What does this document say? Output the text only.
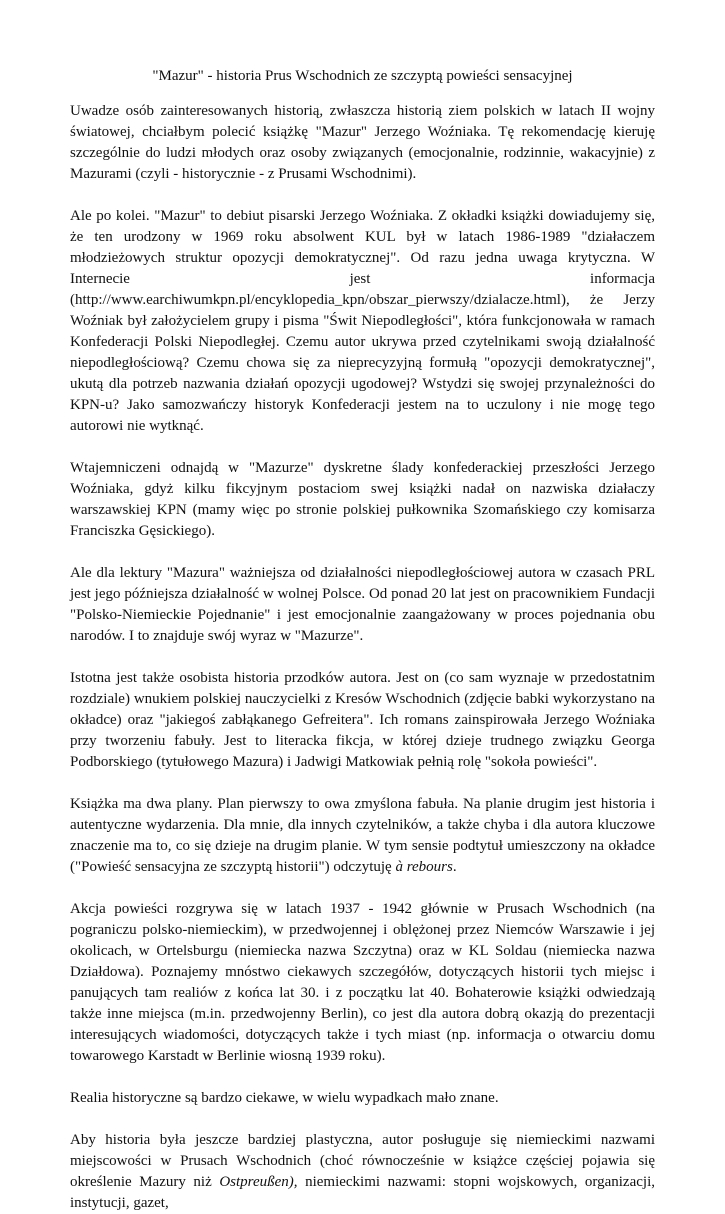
"Mazur" - historia Prus Wschodnich ze szczyptą powieści sensacyjnej

Uwadze osób zainteresowanych historią, zwłaszcza historią ziem polskich w latach II wojny światowej, chciałbym polecić książkę "Mazur" Jerzego Woźniaka. Tę rekomendację kieruję szczególnie do ludzi młodych oraz osoby związanych (emocjonalnie, rodzinnie, wakacyjnie) z Mazurami (czyli - historycznie - z Prusami Wschodnimi).

Ale po kolei. "Mazur" to debiut pisarski Jerzego Woźniaka. Z okładki książki dowiadujemy się, że ten urodzony w 1969 roku absolwent KUL był w latach 1986-1989 "działaczem młodzieżowych struktur opozycji demokratycznej". Od razu jedna uwaga krytyczna. W Internecie jest informacja (http://www.earchiwumkpn.pl/encyklopedia_kpn/obszar_pierwszy/dzialacze.html), że Jerzy Woźniak był założycielem grupy i pisma "Świt Niepodległości", która funkcjonowała w ramach Konfederacji Polski Niepodległej. Czemu autor ukrywa przed czytelnikami swoją działalność niepodległościową? Czemu chowa się za nieprecyzyjną formułą "opozycji demokratycznej", ukutą dla potrzeb nazwania działań opozycji ugodowej? Wstydzi się swojej przynależności do KPN-u? Jako samozwańczy historyk Konfederacji jestem na to uczulony i nie mogę tego autorowi nie wytknąć.

Wtajemniczeni odnajdą w "Mazurze" dyskretne ślady konfederackiej przeszłości Jerzego Woźniaka, gdyż kilku fikcyjnym postaciom swej książki nadał on nazwiska działaczy warszawskiej KPN (mamy więc po stronie polskiej pułkownika Szomańskiego czy komisarza Franciszka Gęsickiego).

Ale dla lektury "Mazura" ważniejsza od działalności niepodległościowej autora w czasach PRL jest jego późniejsza działalność w wolnej Polsce. Od ponad 20 lat jest on pracownikiem Fundacji "Polsko-Niemieckie Pojednanie" i jest emocjonalnie zaangażowany w proces pojednania obu narodów. I to znajduje swój wyraz w "Mazurze".

Istotna jest także osobista historia przodków autora. Jest on (co sam wyznaje w przedostatnim rozdziale) wnukiem polskiej nauczycielki z Kresów Wschodnich (zdjęcie babki wykorzystano na okładce) oraz "jakiegoś zabłąkanego Gefreitera". Ich romans zainspirowała Jerzego Woźniaka przy tworzeniu fabuły. Jest to literacka fikcja, w której dzieje trudnego związku Georga Podborskiego (tytułowego Mazura) i Jadwigi Matkowiak pełnią rolę "sokoła powieści".

Książka ma dwa plany. Plan pierwszy to owa zmyślona fabuła. Na planie drugim jest historia i autentyczne wydarzenia. Dla mnie, dla innych czytelników, a także chyba i dla autora kluczowe znaczenie ma to, co się dzieje na drugim planie. W tym sensie podtytuł umieszczony na okładce ("Powieść sensacyjna ze szczyptą historii") odczytuję à rebours.

Akcja powieści rozgrywa się w latach 1937 - 1942 głównie w Prusach Wschodnich (na pograniczu polsko-niemieckim), w przedwojennej i oblężonej przez Niemców Warszawie i jej okolicach, w Ortelsburgu (niemiecka nazwa Szczytna) oraz w KL Soldau (niemiecka nazwa Działdowa). Poznajemy mnóstwo ciekawych szczegółów, dotyczących historii tych miejsc i panujących tam realiów z końca lat 30. i z początku lat 40. Bohaterowie książki odwiedzają także inne miejsca (m.in. przedwojenny Berlin), co jest dla autora dobrą okazją do prezentacji interesujących wiadomości, dotyczących także i tych miast (np. informacja o otwarciu domu towarowego Karstadt w Berlinie wiosną 1939 roku).

Realia historyczne są bardzo ciekawe, w wielu wypadkach mało znane.

Aby historia była jeszcze bardziej plastyczna, autor posługuje się niemieckimi nazwami miejscowości w Prusach Wschodnich (choć równocześnie w książce częściej pojawia się określenie Mazury niż Ostpreußen), niemieckimi nazwami: stopni wojskowych, organizacji, instytucji, gazet,
